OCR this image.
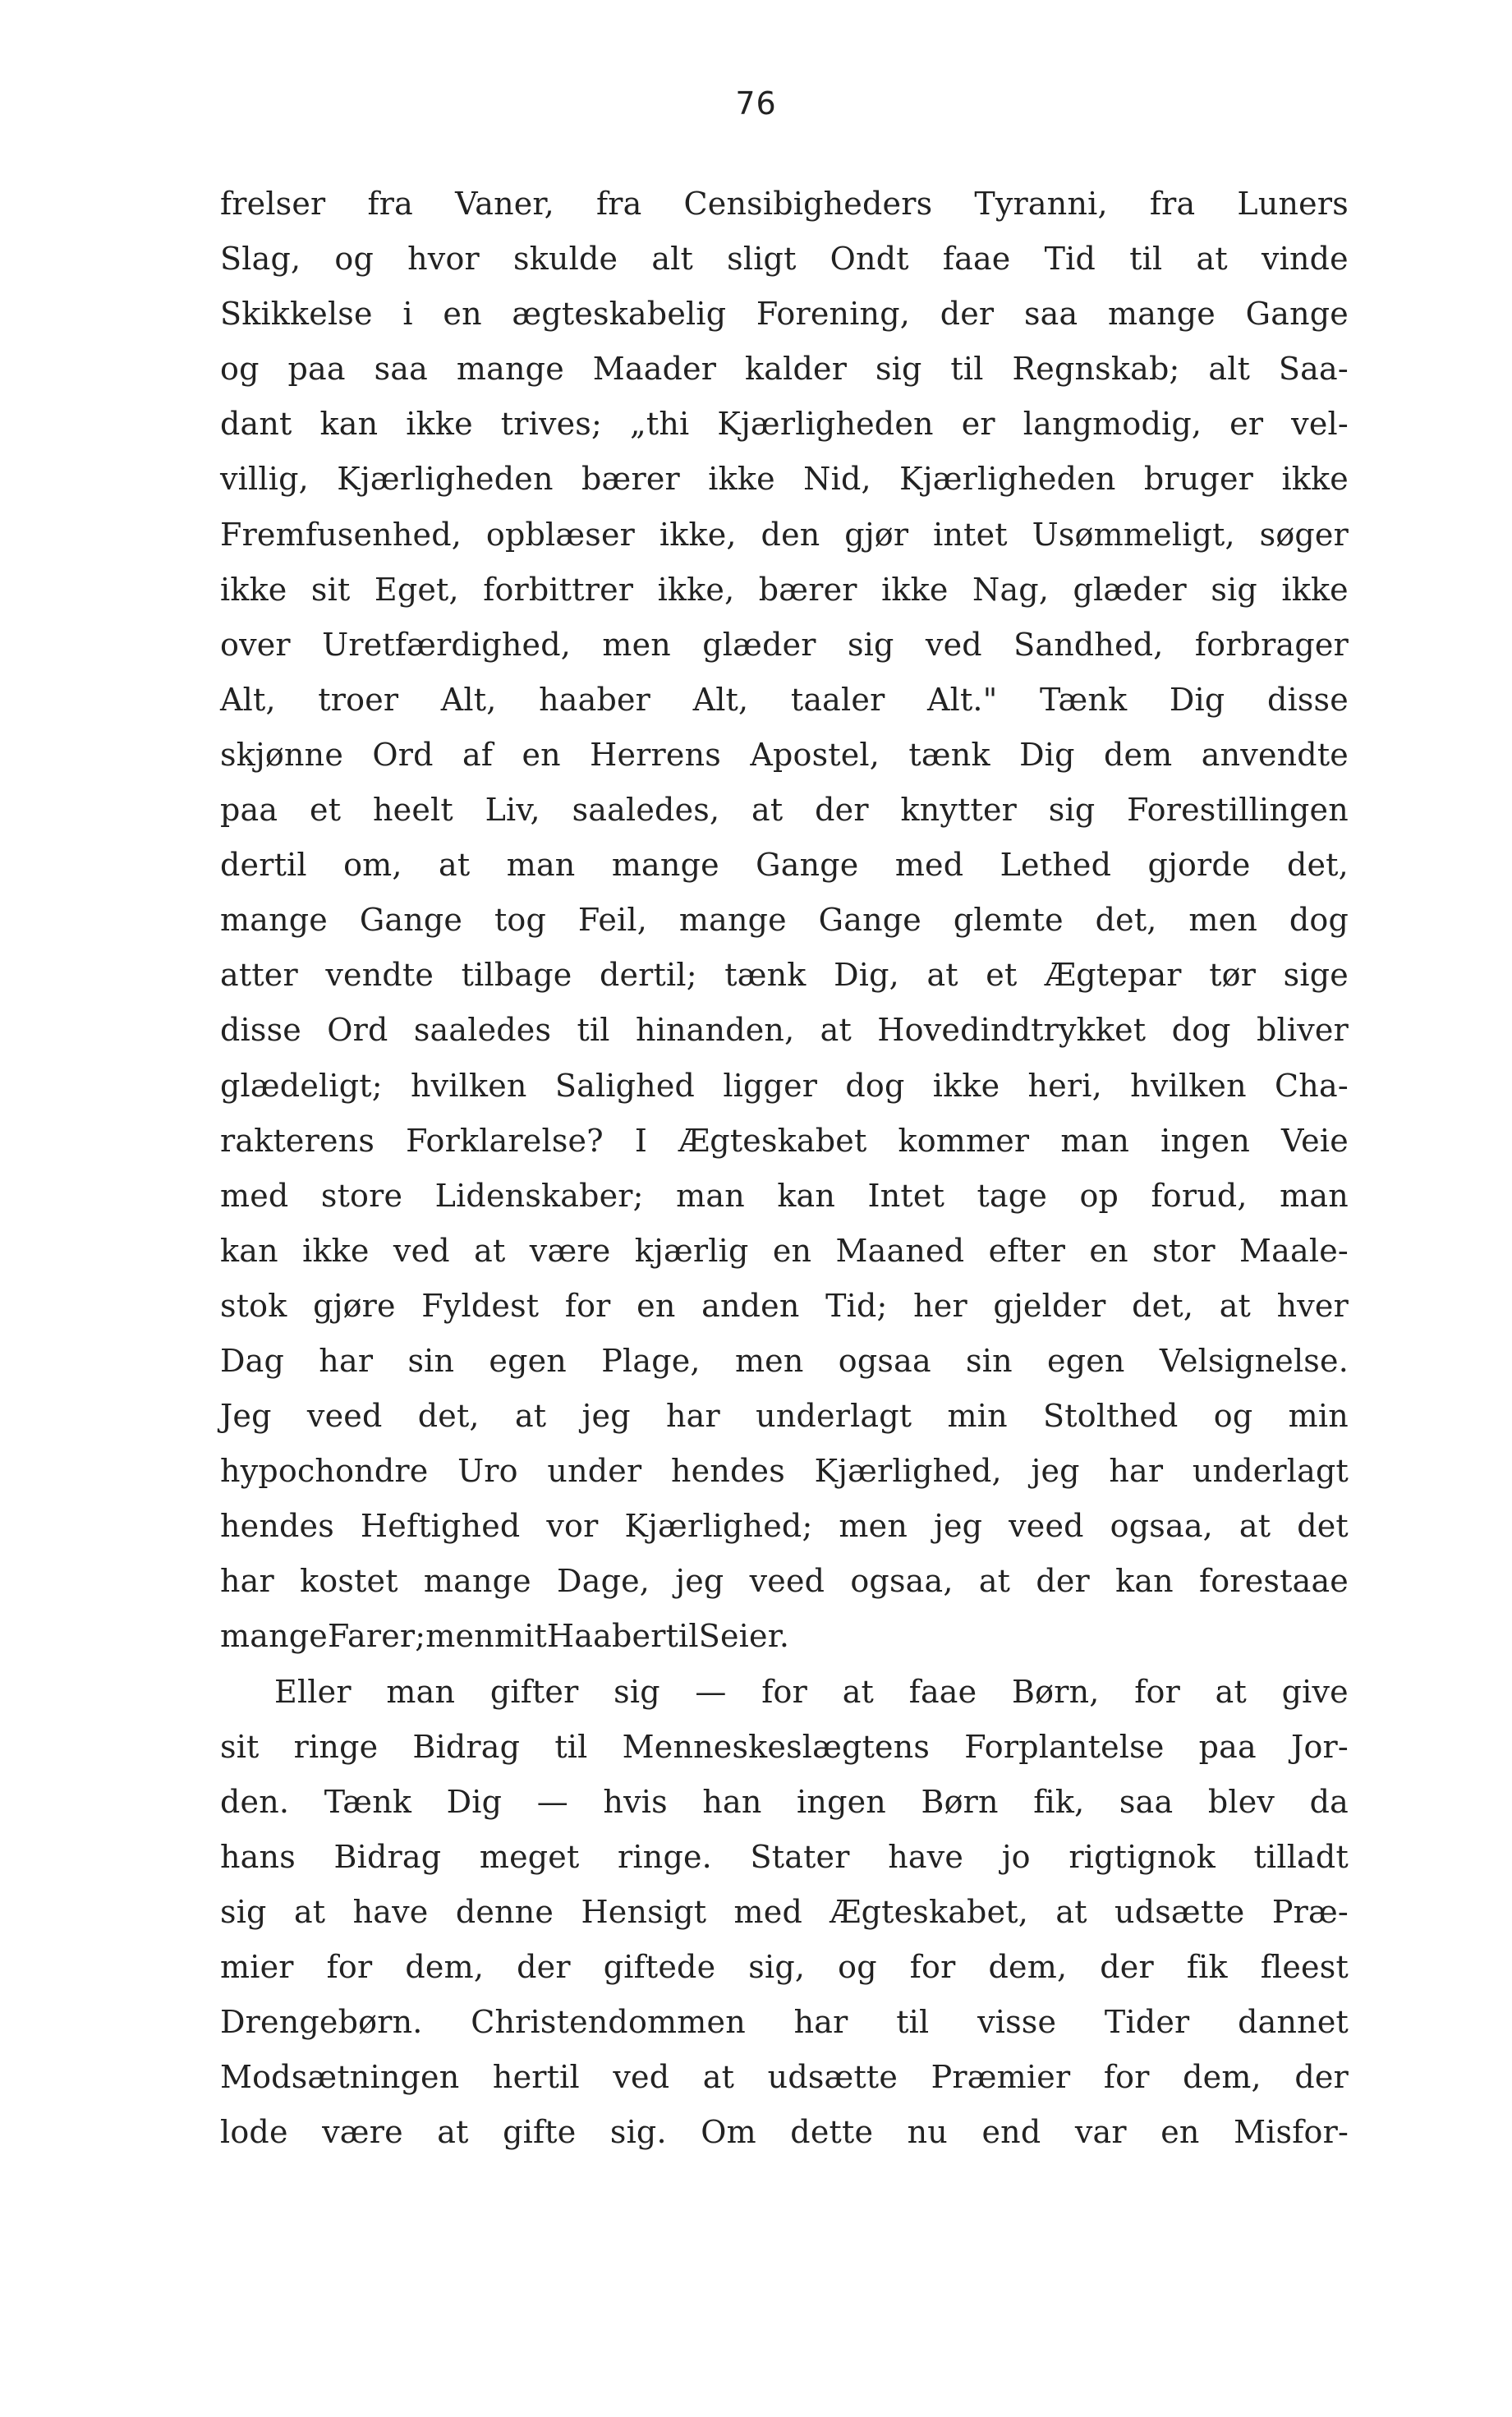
76
frelser fra Vaner, fra Censibigheders Tyranni, fra Luners
Slag, og hvor skulde alt sligt Ondt faae Tid til at vinde
Skikkelse i en ægteskabelig Forening, der saa mange Gange
og paa saa mange Maader kalder sig til Regnskab; alt Saa-
dant kan ikke trives; „thi Kjærligheden er langmodig, er vel-
villig, Kjærligheden bærer ikke Nid, Kjærligheden bruger ikke
Fremfusenhed, opblæser ikke, den gjør intet Usømmeligt, søger
ikke sit Eget, forbittrer ikke, bærer ikke Nag, glæder sig ikke
over Uretfærdighed, men glæder sig ved Sandhed, forbrager
Alt, troer Alt, haaber Alt, taaler Alt." Tænk Dig disse
skjønne Ord af en Herrens Apostel, tænk Dig dem anvendte
paa et heelt Liv, saaledes, at der knytter sig Forestillingen
dertil om, at man mange Gange med Lethed gjorde det,
mange Gange tog Feil, mange Gange glemte det, men dog
atter vendte tilbage dertil; tænk Dig, at et Ægtepar tør sige
disse Ord saaledes til hinanden, at Hovedindtrykket dog bliver
glædeligt; hvilken Salighed ligger dog ikke heri, hvilken Cha-
rakterens Forklarelse? I Ægteskabet kommer man ingen Veie
med store Lidenskaber; man kan Intet tage op forud, man
kan ikke ved at være kjærlig en Maaned efter en stor Maale-
stok gjøre Fyldest for en anden Tid; her gjelder det, at hver
Dag har sin egen Plage, men ogsaa sin egen Velsignelse.
Jeg veed det, at jeg har underlagt min Stolthed og min
hypochondre Uro under hendes Kjærlighed, jeg har underlagt
hendes Heftighed vor Kjærlighed; men jeg veed ogsaa, at det
har kostet mange Dage, jeg veed ogsaa, at der kan forestaae
mange Farer; men mit Haab er til Seier.
Eller man gifter sig — for at faae Børn, for at give
sit ringe Bidrag til Menneskeslægtens Forplantelse paa Jor-
den. Tænk Dig — hvis han ingen Børn fik, saa blev da
hans Bidrag meget ringe. Stater have jo rigtignok tilladt
sig at have denne Hensigt med Ægteskabet, at udsætte Præ-
mier for dem, der giftede sig, og for dem, der fik fleest
Drengebørn. Christendommen har til visse Tider dannet
Modsætningen hertil ved at udsætte Præmier for dem, der
lode være at gifte sig. Om dette nu end var en Misfor-
